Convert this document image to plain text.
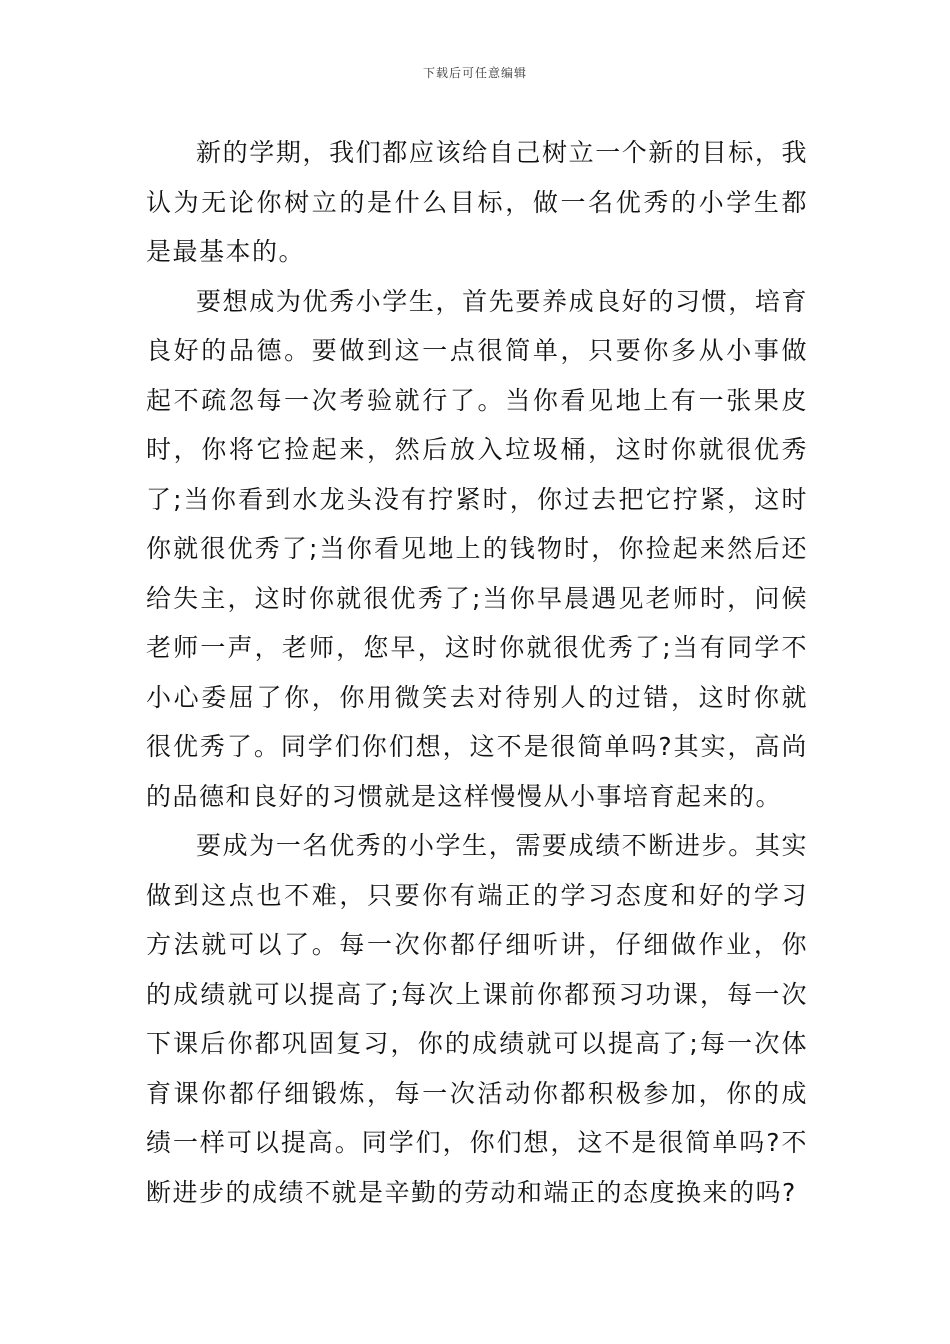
下载后可任意编辑

新的学期，我们都应该给自己树立一个新的目标，我认为无论你树立的是什么目标，做一名优秀的小学生都是最基本的。

要想成为优秀小学生，首先要养成良好的习惯，培育良好的品德。要做到这一点很简单，只要你多从小事做起不疏忽每一次考验就行了。当你看见地上有一张果皮时，你将它捡起来，然后放入垃圾桶，这时你就很优秀了;当你看到水龙头没有拧紧时，你过去把它拧紧，这时你就很优秀了;当你看见地上的钱物时，你捡起来然后还给失主，这时你就很优秀了;当你早晨遇见老师时，问候老师一声，老师，您早，这时你就很优秀了;当有同学不小心委屈了你，你用微笑去对待别人的过错，这时你就很优秀了。同学们你们想，这不是很简单吗?其实，高尚的品德和良好的习惯就是这样慢慢从小事培育起来的。

要成为一名优秀的小学生，需要成绩不断进步。其实做到这点也不难，只要你有端正的学习态度和好的学习方法就可以了。每一次你都仔细听讲，仔细做作业，你的成绩就可以提高了;每次上课前你都预习功课，每一次下课后你都巩固复习，你的成绩就可以提高了;每一次体育课你都仔细锻炼，每一次活动你都积极参加，你的成绩一样可以提高。同学们，你们想，这不是很简单吗?不断进步的成绩不就是辛勤的劳动和端正的态度换来的吗?
